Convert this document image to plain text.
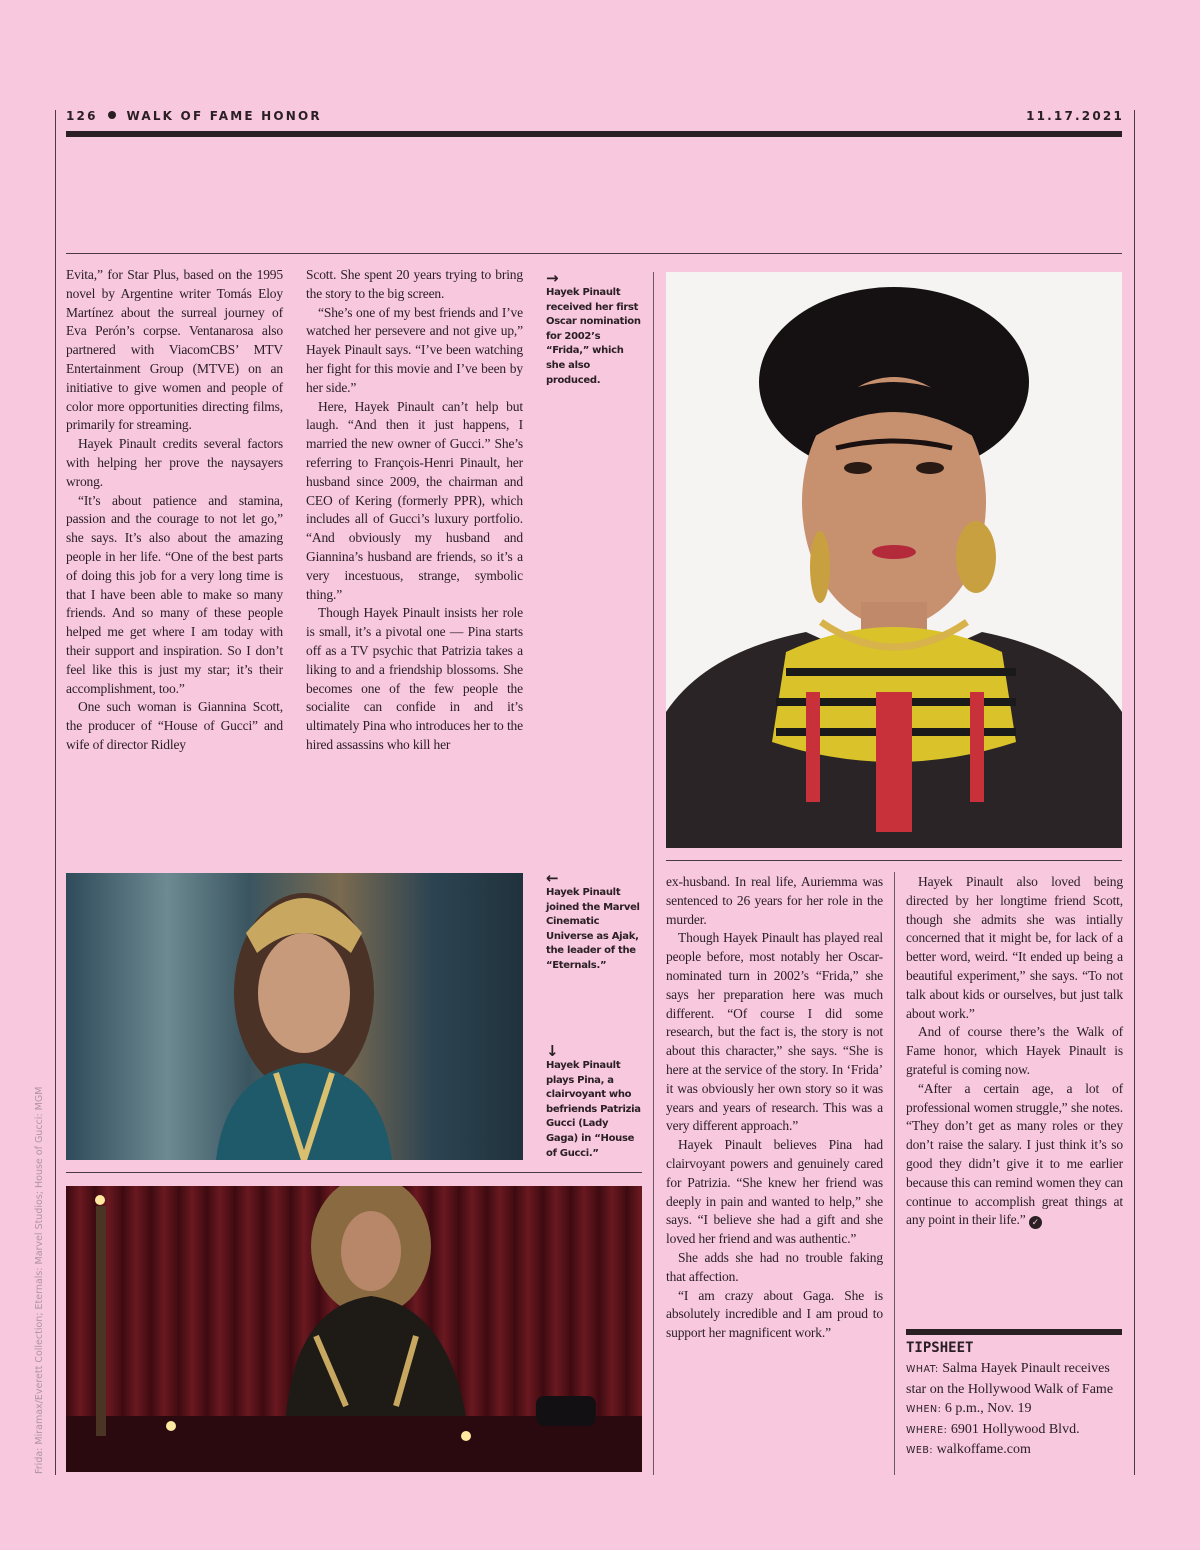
126 WALK OF FAME HONOR	11.17.2021

Evita,” for Star Plus, based on the 1995 novel by Argentine writer Tomás Eloy Martínez about the surreal journey of Eva Perón’s corpse. Ventanarosa also partnered with ViacomCBS’ MTV Entertainment Group (MTVE) on an initiative to give women and people of color more opportunities directing films, primarily for streaming.

Hayek Pinault credits several factors with helping her prove the naysayers wrong.

“It’s about patience and stamina, passion and the courage to not let go,” she says. It’s also about the amazing people in her life. “One of the best parts of doing this job for a very long time is that I have been able to make so many friends. And so many of these people helped me get where I am today with their support and inspiration. So I don’t feel like this is just my star; it’s their accomplishment, too.”

One such woman is Giannina Scott, the producer of “House of Gucci” and wife of director Ridley

Scott. She spent 20 years trying to bring the story to the big screen.

“She’s one of my best friends and I’ve watched her persevere and not give up,” Hayek Pinault says. “I’ve been watching her fight for this movie and I’ve been by her side.”

Here, Hayek Pinault can’t help but laugh. “And then it just happens, I married the new owner of Gucci.” She’s referring to François-Henri Pinault, her husband since 2009, the chairman and CEO of Kering (formerly PPR), which includes all of Gucci’s luxury portfolio. “And obviously my husband and Giannina’s husband are friends, so it’s a very incestuous, strange, symbolic thing.”

Though Hayek Pinault insists her role is small, it’s a pivotal one — Pina starts off as a TV psychic that Patrizia takes a liking to and a friendship blossoms. She becomes one of the few people the socialite can confide in and it’s ultimately Pina who introduces her to the hired assassins who kill her

→
Hayek Pinault received her first Oscar nomination for 2002’s “Frida,” which she also produced.
←
Hayek Pinault joined the Marvel Cinematic Universe as Ajak, the leader of the “Eternals.”
↓
Hayek Pinault plays Pina, a clairvoyant who befriends Patrizia Gucci (Lady Gaga) in “House of Gucci.”

ex-husband. In real life, Auriemma was sentenced to 26 years for her role in the murder.

Though Hayek Pinault has played real people before, most notably her Oscar-nominated turn in 2002’s “Frida,” she says her preparation here was much different. “Of course I did some research, but the fact is, the story is not about this character,” she says. “She is here at the service of the story. In ‘Frida’ it was obviously her own story so it was years and years of research. This was a very different approach.”

Hayek Pinault believes Pina had clairvoyant powers and genuinely cared for Patrizia. “She knew her friend was deeply in pain and wanted to help,” she says. “I believe she had a gift and she loved her friend and was authentic.”

She adds she had no trouble faking that affection.

“I am crazy about Gaga. She is absolutely incredible and I am proud to support her magnificent work.”

Hayek Pinault also loved being directed by her longtime friend Scott, though she admits she was intially concerned that it might be, for lack of a better word, weird. “It ended up being a beautiful experiment,” she says. “To not talk about kids or ourselves, but just talk about work.”

And of course there’s the Walk of Fame honor, which Hayek Pinault is grateful is coming now.

“After a certain age, a lot of professional women struggle,” she notes. “They don’t get as many roles or they don’t raise the salary. I just think it’s so good they didn’t give it to me earlier because this can remind women they can continue to accomplish great things at any point in their life.” ✓

TIPSHEET
WHAT: Salma Hayek Pinault receives star on the Hollywood Walk of Fame
WHEN: 6 p.m., Nov. 19
WHERE: 6901 Hollywood Blvd.
WEB: walkoffame.com
Frida: Miramax/Everett Collection; Eternals: Marvel Studios; House of Gucci: MGM
